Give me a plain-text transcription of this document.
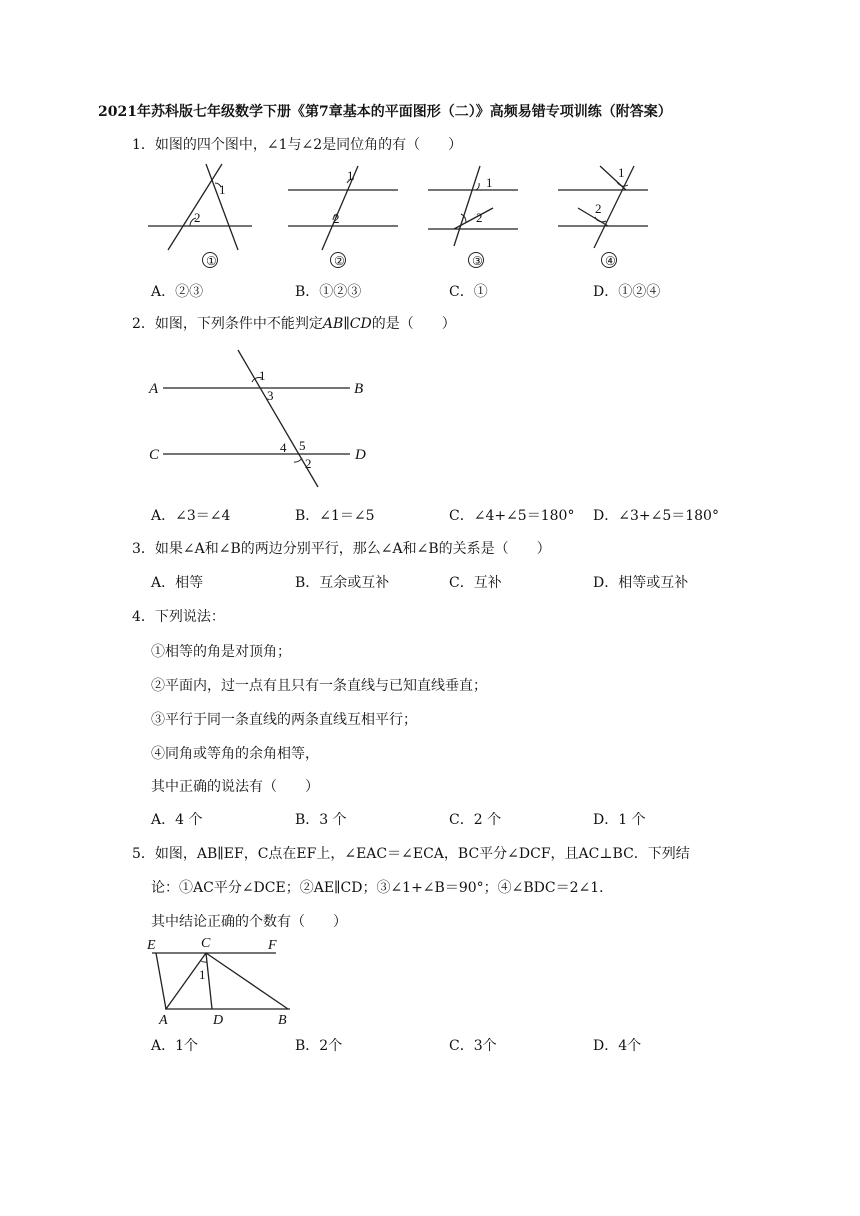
2021年苏科版七年级数学下册《第7章基本的平面图形（二）》高频易错专项训练（附答案）
1．如图的四个图中，∠1与∠2是同位角的有（　　）
1
2
①
1
2
②
1
2
③
1
2
④
A．②③	B．①②③	C．①	D．①②④
2．如图，下列条件中不能判定AB∥CD的是（　　）
A	B
C	D
1
3
4 5
2
A．∠3＝∠4	B．∠1＝∠5	C．∠4+∠5＝180° D．∠3+∠5＝180°
3．如果∠A和∠B的两边分别平行，那么∠A和∠B的关系是（　　）
A．相等	B．互余或互补	C．互补	D．相等或互补
4．下列说法：
①相等的角是对顶角；
②平面内，过一点有且只有一条直线与已知直线垂直；
③平行于同一条直线的两条直线互相平行；
④同角或等角的余角相等，
其中正确的说法有（　　）
A．4 个	B．3 个	C．2 个	D．1 个
5．如图，AB∥EF，C点在EF上，∠EAC＝∠ECA，BC平分∠DCF，且AC⊥BC．下列结
论：①AC平分∠DCE；②AE∥CD；③∠1+∠B＝90°；④∠BDC＝2∠1．
其中结论正确的个数有（　　）
E	C	F
A	D	B
1
A．1个	B．2个	C．3个	D．4个
